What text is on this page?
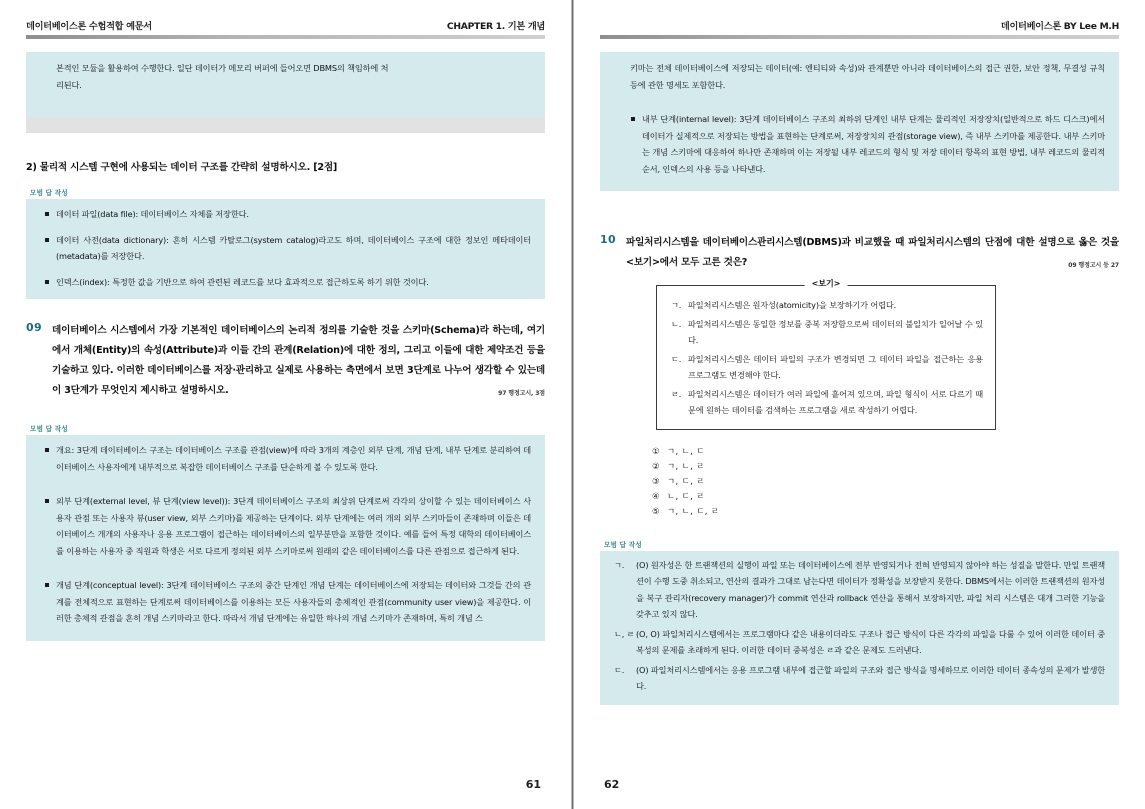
데이터베이스론 수험적합 예문서	CHAPTER 1. 기본 개념

본적인 모듈을 활용하여 수행한다. 일단 데이터가 메모리 버퍼에 들어오면 DBMS의 책임하에 처

리된다.

2) 물리적 시스템 구현에 사용되는 데이터 구조를 간략히 설명하시오. [2점]
모범 답 작성

데이터 파일(data file): 데이터베이스 자체를 저장한다.

데이터 사전(data dictionary): 흔히 시스템 카탈로그(system catalog)라고도 하며, 데이터베이스 구조에 대한 정보인 메타데이터(metadata)를 저장한다.

인덱스(index): 특정한 값을 기반으로 하여 관련된 레코드를 보다 효과적으로 접근하도록 하기 위한 것이다.

09 데이터베이스 시스템에서 가장 기본적인 데이터베이스의 논리적 정의를 기술한 것을 스키마(Schema)라 하는데, 여기에서 개체(Entity)의 속성(Attribute)과 이들 간의 관계(Relation)에 대한 정의, 그리고 이들에 대한 제약조건 등을 기술하고 있다. 이러한 데이터베이스를 저장·관리하고 실제로 사용하는 측면에서 보면 3단계로 나누어 생각할 수 있는데 이 3단계가 무엇인지 제시하고 설명하시오.	97 행정고시, 3점
모범 답 작성

개요: 3단계 데이터베이스 구조는 데이터베이스 구조를 관점(view)에 따라 3개의 계층인 외부 단계, 개념 단계, 내부 단계로 분리하여 데이터베이스 사용자에게 내부적으로 복잡한 데이터베이스 구조를 단순하게 볼 수 있도록 한다.

외부 단계(external level, 뷰 단계(view level)): 3단계 데이터베이스 구조의 최상위 단계로써 각각의 상이할 수 있는 데이터베이스 사용자 관점 또는 사용자 뷰(user view, 외부 스키마)를 제공하는 단계이다. 외부 단계에는 여러 개의 외부 스키마들이 존재하며 이들은 데이터베이스 개개의 사용자나 응용 프로그램이 접근하는 데이터베이스의 일부분만을 포함한 것이다. 예를 들어 특정 대학의 데이터베이스를 이용하는 사용자 중 직원과 학생은 서로 다르게 정의된 외부 스키마로써 원래의 같은 데이터베이스를 다른 관점으로 접근하게 된다.

개념 단계(conceptual level): 3단계 데이터베이스 구조의 중간 단계인 개념 단계는 데이터베이스에 저장되는 데이터와 그것들 간의 관계를 전체적으로 표현하는 단계로써 데이터베이스를 이용하는 모든 사용자들의 총체적인 관점(community user view)을 제공한다. 이러한 총체적 관점을 흔히 개념 스키마라고 한다. 따라서 개념 단계에는 유일한 하나의 개념 스키마가 존재하며, 특히 개념 스

61
데이터베이스론 BY Lee M.H

키마는 전체 데이터베이스에 저장되는 데이터(예: 엔티티와 속성)와 관계뿐만 아니라 데이터베이스의 접근 권한, 보안 정책, 무결성 규칙 등에 관한 명세도 포함한다.

내부 단계(internal level): 3단계 데이터베이스 구조의 최하위 단계인 내부 단계는 물리적인 저장장치(일반적으로 하드 디스크)에서 데이터가 실제적으로 저장되는 방법을 표현하는 단계로써, 저장장치의 관점(storage view), 즉 내부 스키마를 제공한다. 내부 스키마는 개념 스키마에 대응하여 하나만 존재하며 이는 저장될 내부 레코드의 형식 및 저장 데이터 항목의 표현 방법, 내부 레코드의 물리적 순서, 인덱스의 사용 등을 나타낸다.

10 파일처리시스템을 데이터베이스관리시스템(DBMS)과 비교했을 때 파일처리시스템의 단점에 대한 설명으로 옳은 것을 <보기>에서 모두 고른 것은?	09 행정고시 등 27
<보기>
ㄱ. 파일처리시스템은 원자성(atomicity)을 보장하기가 어렵다.
ㄴ. 파일처리시스템은 동일한 정보를 중복 저장함으로써 데이터의 불일치가 일어날 수 있다.
ㄷ. 파일처리시스템은 데이터 파일의 구조가 변경되면 그 데이터 파일을 접근하는 응용 프로그램도 변경해야 한다.
ㄹ. 파일처리시스템은 데이터가 여러 파일에 흩어져 있으며, 파일 형식이 서로 다르기 때문에 원하는 데이터를 검색하는 프로그램을 새로 작성하기 어렵다.
① ㄱ, ㄴ, ㄷ
② ㄱ, ㄴ, ㄹ
③ ㄱ, ㄷ, ㄹ
④ ㄴ, ㄷ, ㄹ
⑤ ㄱ, ㄴ, ㄷ, ㄹ
모범 답 작성
ㄱ. (O) 원자성은 한 트랜잭션의 실행이 파일 또는 데이터베이스에 전부 반영되거나 전혀 반영되지 않아야 하는 성질을 말한다. 만일 트랜잭션이 수행 도중 취소되고, 연산의 결과가 그대로 남는다면 데이터가 정확성을 보장받지 못한다. DBMS에서는 이러한 트랜잭션의 원자성을 복구 관리자(recovery manager)가 commit 연산과 rollback 연산을 통해서 보장하지만, 파일 처리 시스템은 대개 그러한 기능을 갖추고 있지 않다.
ㄴ, ㄹ (O, O) 파일처리시스템에서는 프로그램마다 같은 내용이더라도 구조나 접근 방식이 다른 각각의 파일을 다룰 수 있어 이러한 데이터 중복성의 문제를 초래하게 된다. 이러한 데이터 중복성은 ㄹ과 같은 문제도 드러낸다.
ㄷ. (O) 파일처리시스템에서는 응용 프로그램 내부에 접근할 파일의 구조와 접근 방식을 명세하므로 이러한 데이터 종속성의 문제가 발생한다.
62
